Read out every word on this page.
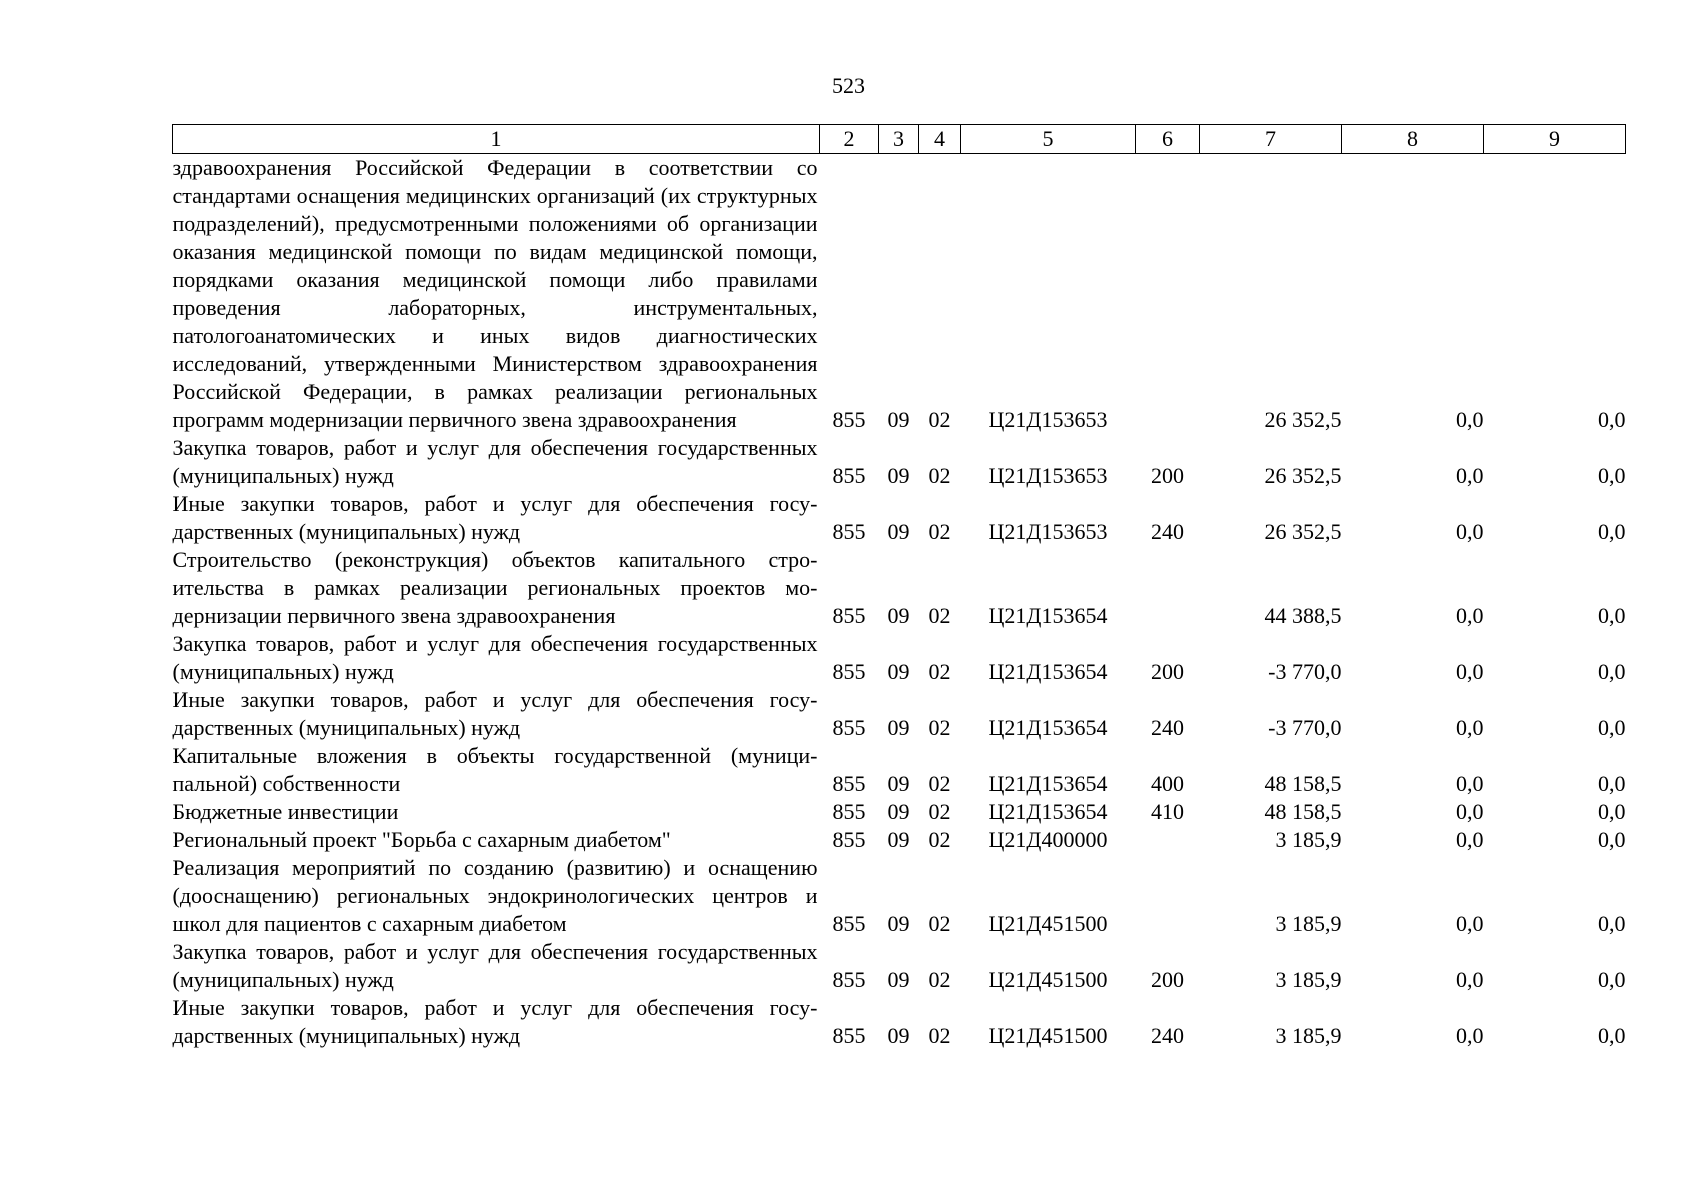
523
1	2	3	4	5	6	7	8	9
здравоохранения Российской Федерации в соответствии со стандартами оснащения медицинских организаций (их структурных подразделений), предусмотренными положениями об организации оказания медицинской помощи по видам медицинской помощи, порядками оказания медицинской помощи либо правилами проведения лабораторных, инструментальных, патологоанатомических и иных видов диагностических исследований, утвержденными Министерством здравоохранения Российской Федерации, в рамках реализации региональных программ модернизации первичного звена здравоохранения	855	09	02	Ц21Д153653		26 352,5	0,0	0,0
Закупка товаров, работ и услуг для обеспечения государственных (муниципальных) нужд	855	09	02	Ц21Д153653	200	26 352,5	0,0	0,0
Иные закупки товаров, работ и услуг для обеспечения государственных (муниципальных) нужд	855	09	02	Ц21Д153653	240	26 352,5	0,0	0,0
Строительство (реконструкция) объектов капитального строительства в рамках реализации региональных проектов модернизации первичного звена здравоохранения	855	09	02	Ц21Д153654		44 388,5	0,0	0,0
Закупка товаров, работ и услуг для обеспечения государственных (муниципальных) нужд	855	09	02	Ц21Д153654	200	-3 770,0	0,0	0,0
Иные закупки товаров, работ и услуг для обеспечения государственных (муниципальных) нужд	855	09	02	Ц21Д153654	240	-3 770,0	0,0	0,0
Капитальные вложения в объекты государственной (муниципальной) собственности	855	09	02	Ц21Д153654	400	48 158,5	0,0	0,0
Бюджетные инвестиции	855	09	02	Ц21Д153654	410	48 158,5	0,0	0,0
Региональный проект "Борьба с сахарным диабетом"	855	09	02	Ц21Д400000		3 185,9	0,0	0,0
Реализация мероприятий по созданию (развитию) и оснащению (дооснащению) региональных эндокринологических центров и школ для пациентов с сахарным диабетом	855	09	02	Ц21Д451500		3 185,9	0,0	0,0
Закупка товаров, работ и услуг для обеспечения государственных (муниципальных) нужд	855	09	02	Ц21Д451500	200	3 185,9	0,0	0,0
Иные закупки товаров, работ и услуг для обеспечения государственных (муниципальных) нужд	855	09	02	Ц21Д451500	240	3 185,9	0,0	0,0
